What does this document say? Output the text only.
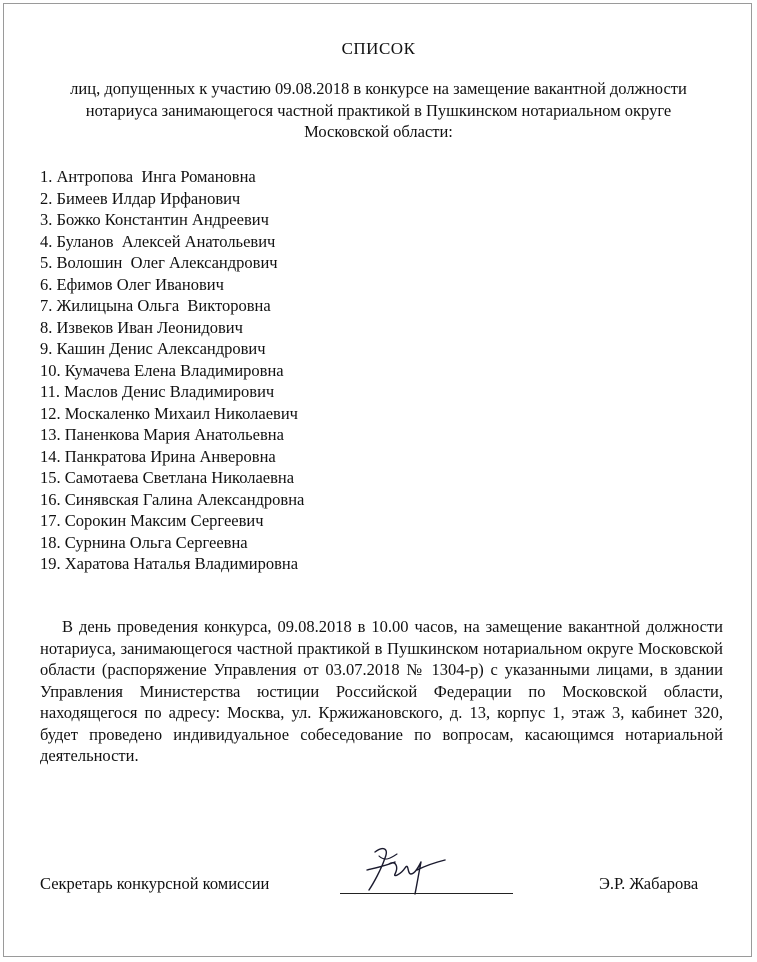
СПИСОК
лиц, допущенных к участию 09.08.2018 в конкурсе на замещение вакантной должности нотариуса занимающегося частной практикой в Пушкинском нотариальном округе Московской области:
1. Антропова  Инга Романовна
2. Бимеев Илдар Ирфанович
3. Божко Константин Андреевич
4. Буланов  Алексей Анатольевич
5. Волошин  Олег Александрович
6. Ефимов Олег Иванович
7. Жилицына Ольга  Викторовна
8. Извеков Иван Леонидович
9. Кашин Денис Александрович
10. Кумачева Елена Владимировна
11. Маслов Денис Владимирович
12. Москаленко Михаил Николаевич
13. Паненкова Мария Анатольевна
14. Панкратова Ирина Анверовна
15. Самотаева Светлана Николаевна
16. Синявская Галина Александровна
17. Сорокин Максим Сергеевич
18. Сурнина Ольга Сергеевна
19. Харатова Наталья Владимировна
В день проведения конкурса, 09.08.2018 в 10.00 часов, на замещение вакантной должности нотариуса, занимающегося частной практикой в Пушкинском нотариальном округе Московской области (распоряжение Управления от 03.07.2018 № 1304-р) с указанными лицами, в здании Управления Министерства юстиции Российской Федерации по Московской области, находящегося по адресу: Москва, ул. Кржижановского, д. 13, корпус 1, этаж 3, кабинет 320, будет проведено индивидуальное собеседование по вопросам, касающимся нотариальной деятельности.
Секретарь конкурсной комиссии	Э.Р. Жабарова
